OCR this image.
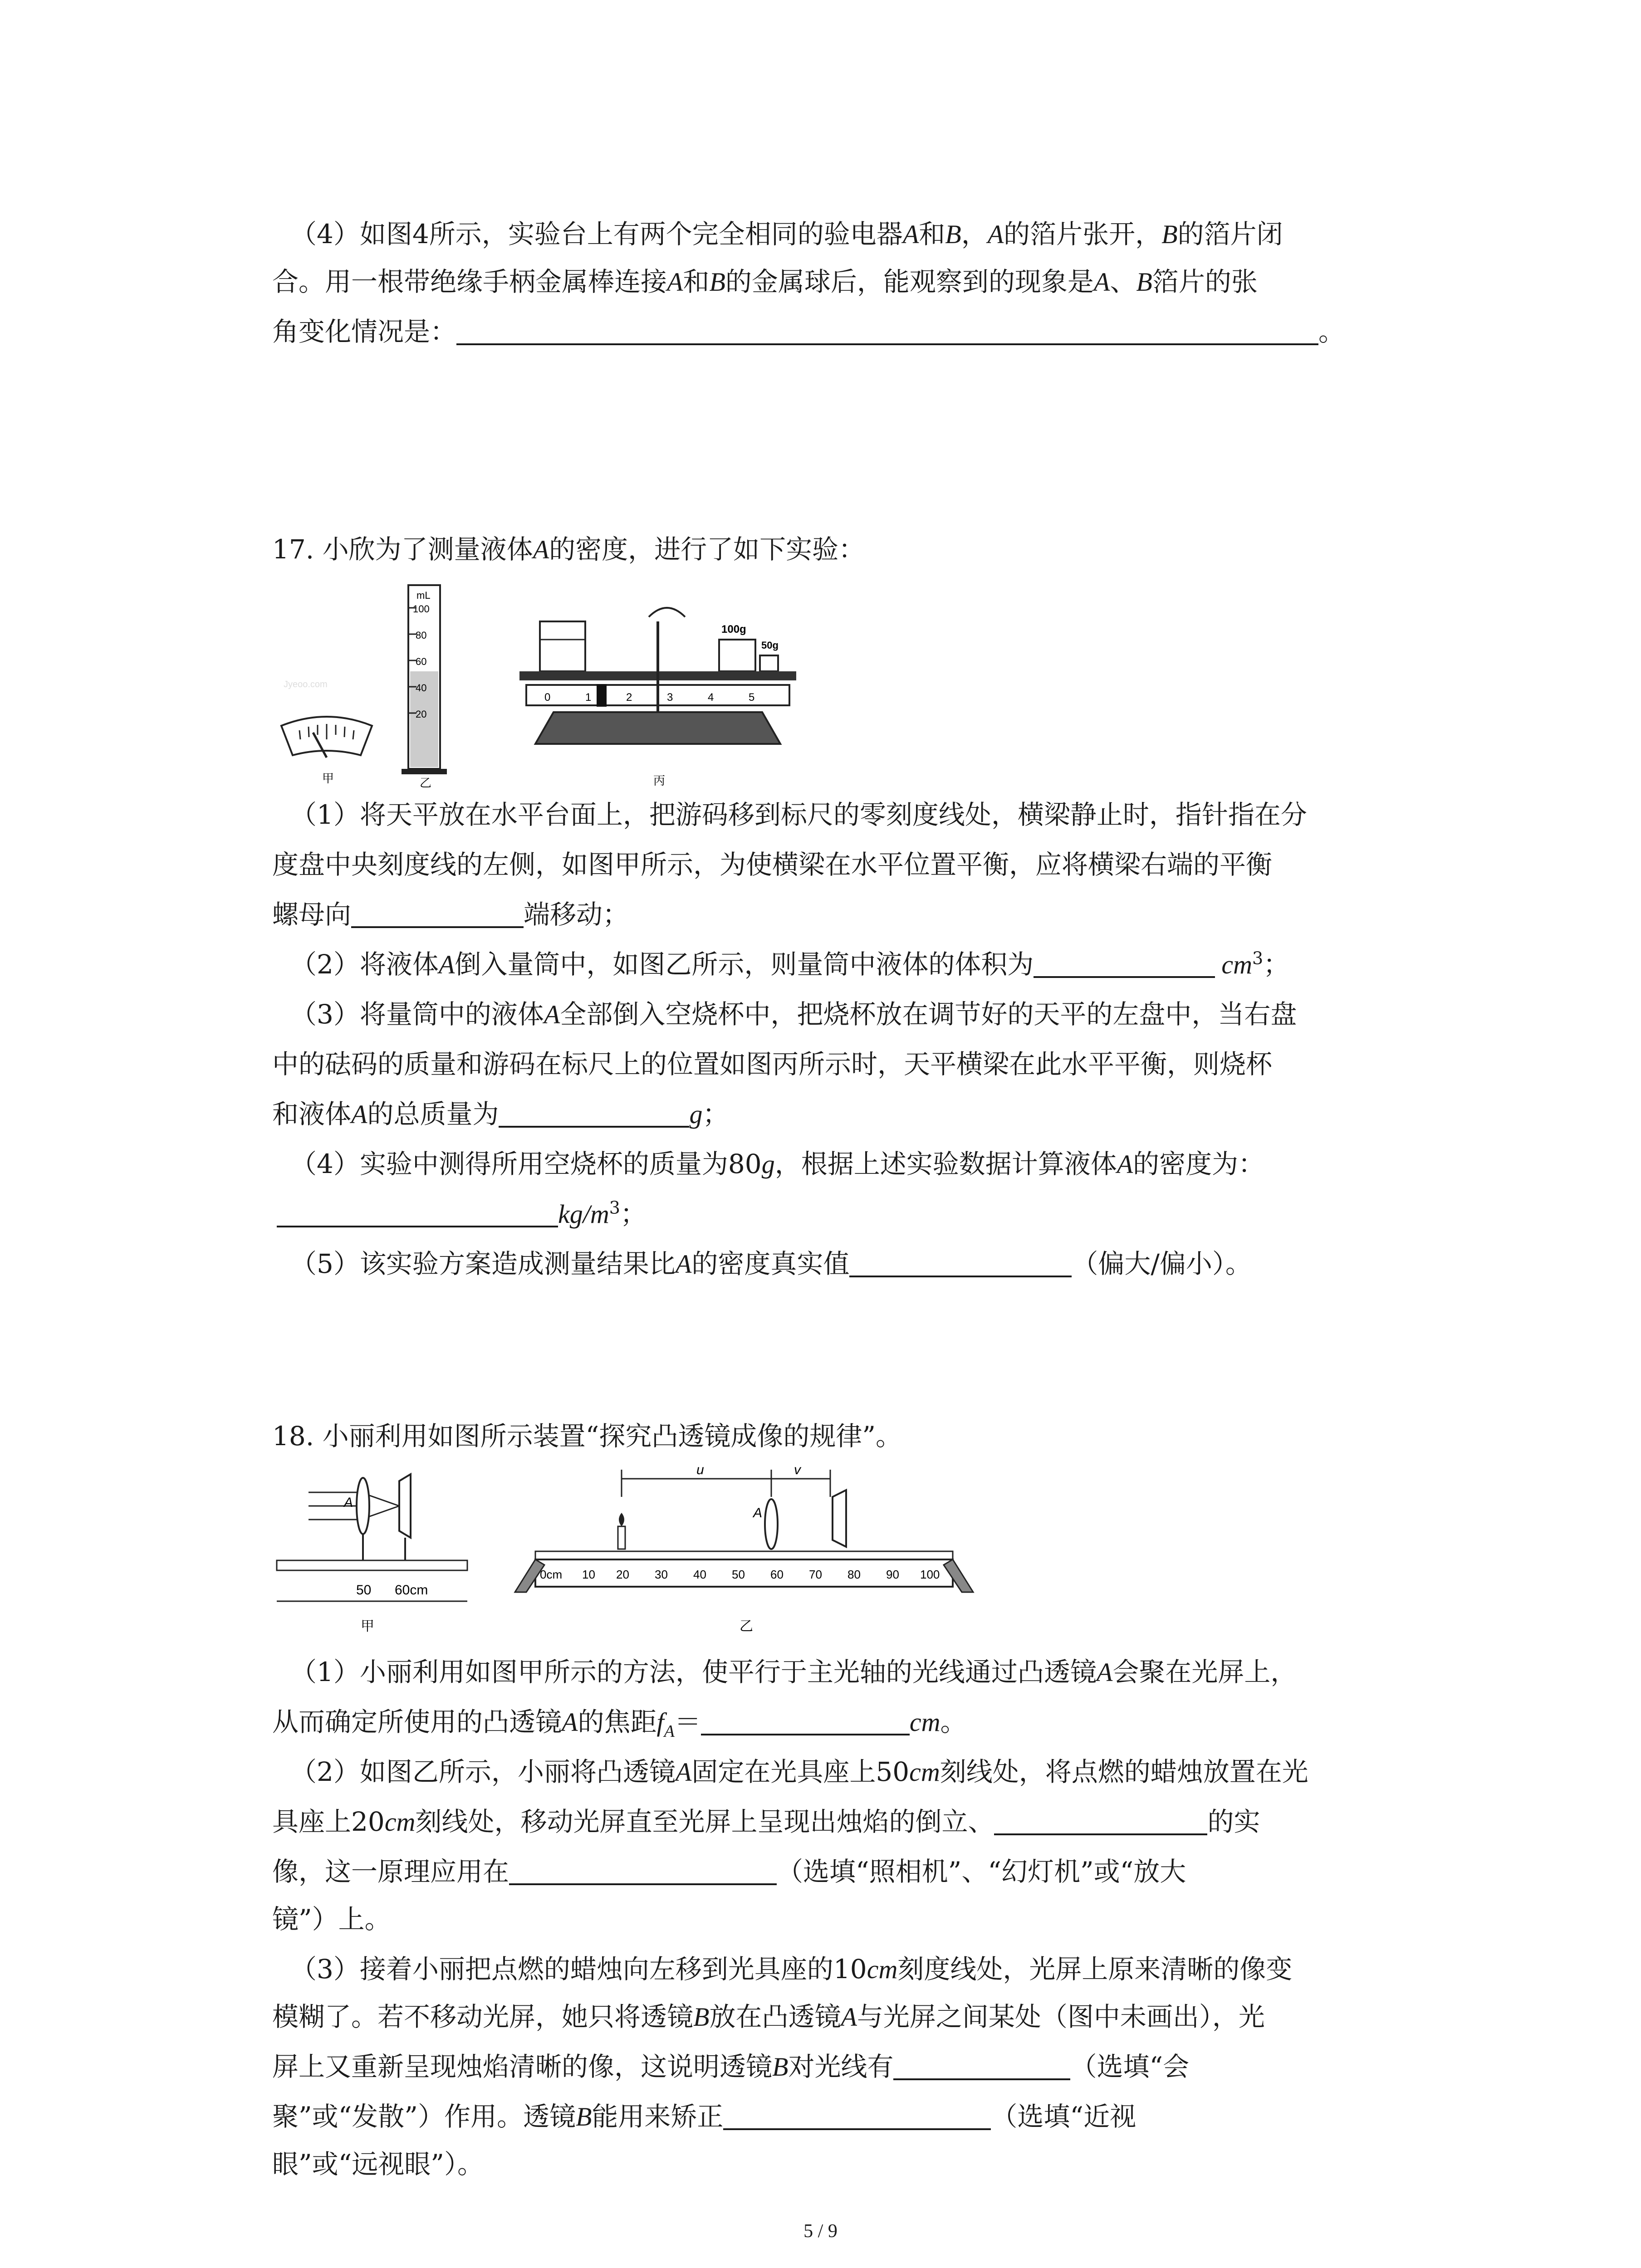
（4）如图4所示，实验台上有两个完全相同的验电器A和B，A的箔片张开，B的箔片闭
合。用一根带绝缘手柄金属棒连接A和B的金属球后，能观察到的现象是A、B箔片的张
角变化情况是：	。
17. 小欣为了测量液体A的密度，进行了如下实验：
Jyeoo.com
甲
mL
100
80
60
40
20
乙
100g
50g
0	1	2	3	4	5
丙
（1）将天平放在水平台面上，把游码移到标尺的零刻度线处，横梁静止时，指针指在分
度盘中央刻度线的左侧，如图甲所示，为使横梁在水平位置平衡，应将横梁右端的平衡
螺母向	端移动；
（2）将液体A倒入量筒中，如图乙所示，则量筒中液体的体积为	$cm^3$；
（3）将量筒中的液体A全部倒入空烧杯中，把烧杯放在调节好的天平的左盘中，当右盘
中的砝码的质量和游码在标尺上的位置如图丙所示时，天平横梁在此水平平衡，则烧杯
和液体A的总质量为	g；
（4）实验中测得所用空烧杯的质量为80g，根据上述实验数据计算液体A的密度为：
$kg/m^3$；
（5）该实验方案造成测量结果比A的密度真实值	（偏大/偏小）。
18. 小丽利用如图所示装置“探究凸透镜成像的规律”。
A
50 60cm
甲
u	v
A
0cm 10 20 30 40 50 60 70 80 90 100
乙
（1）小丽利用如图甲所示的方法，使平行于主光轴的光线通过凸透镜A会聚在光屏上，
从而确定所使用的凸透镜A的焦距$f_A=$	cm。
（2）如图乙所示，小丽将凸透镜A固定在光具座上50cm刻线处，将点燃的蜡烛放置在光
具座上20cm刻线处，移动光屏直至光屏上呈现出烛焰的倒立、	的实
像，这一原理应用在	（选填“照相机”、“幻灯机”或“放大
镜”）上。
（3）接着小丽把点燃的蜡烛向左移到光具座的10cm刻度线处，光屏上原来清晰的像变
模糊了。若不移动光屏，她只将透镜B放在凸透镜A与光屏之间某处（图中未画出），光
屏上又重新呈现烛焰清晰的像，这说明透镜B对光线有	（选填“会
聚”或“发散”）作用。透镜B能用来矫正	（选填“近视
眼”或“远视眼”）。
5 / 9
